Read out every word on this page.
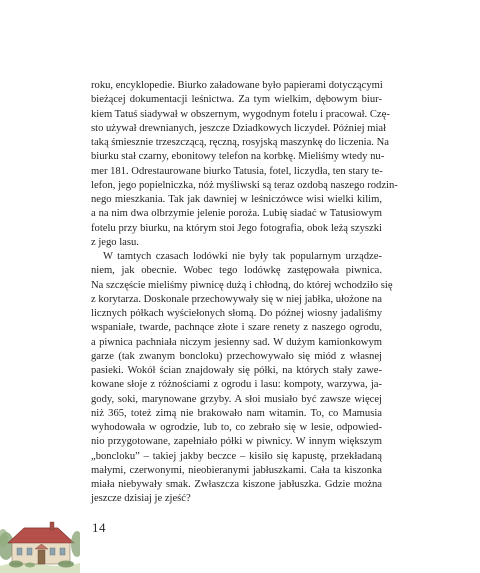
roku, encyklopedie. Biurko załadowane było papierami dotyczącymi
bieżącej dokumentacji leśnictwa. Za tym wielkim, dębowym biur-
kiem Tatuś siadywał w obszernym, wygodnym fotelu i pracował. Czę-
sto używał drewnianych, jeszcze Dziadkowych liczydeł. Później miał
taką śmiesznie trzeszczącą, ręczną, rosyjską maszynkę do liczenia. Na
biurku stał czarny, ebonitowy telefon na korbkę. Mieliśmy wtedy nu-
mer 181. Odrestaurowane biurko Tatusia, fotel, liczydła, ten stary te-
lefon, jego popielniczka, nóż myśliwski są teraz ozdobą naszego rodzin-
nego mieszkania. Tak jak dawniej w leśniczówce wisi wielki kilim,
a na nim dwa olbrzymie jelenie poroża. Lubię siadać w Tatusiowym
fotelu przy biurku, na którym stoi Jego fotografia, obok leżą szyszki
z jego lasu.
W tamtych czasach lodówki nie były tak popularnym urządze-
niem, jak obecnie. Wobec tego lodówkę zastępowała piwnica.
Na szczęście mieliśmy piwnicę dużą i chłodną, do której wchodziło się
z korytarza. Doskonale przechowywały się w niej jabłka, ułożone na
licznych półkach wyściełonych słomą. Do późnej wiosny jadaliśmy
wspaniałe, twarde, pachnące złote i szare renety z naszego ogrodu,
a piwnica pachniała niczym jesienny sad. W dużym kamionkowym
garze (tak zwanym boncloku) przechowywało się miód z własnej
pasieki. Wokół ścian znajdowały się półki, na których stały zawe-
kowane słoje z różnościami z ogrodu i lasu: kompoty, warzywa, ja-
gody, soki, marynowane grzyby. A słoi musiało być zawsze więcej
niż 365, toteż zimą nie brakowało nam witamin. To, co Mamusia
wyhodowała w ogrodzie, lub to, co zebrało się w lesie, odpowied-
nio przygotowane, zapełniało półki w piwnicy. W innym większym
„boncloku” – takiej jakby beczce – kisiło się kapustę, przekładaną
małymi, czerwonymi, nieobieranymi jabłuszkami. Cała ta kiszonka
miała niebywały smak. Zwłaszcza kiszone jabłuszka. Gdzie można
jeszcze dzisiaj je zjeść?
14
